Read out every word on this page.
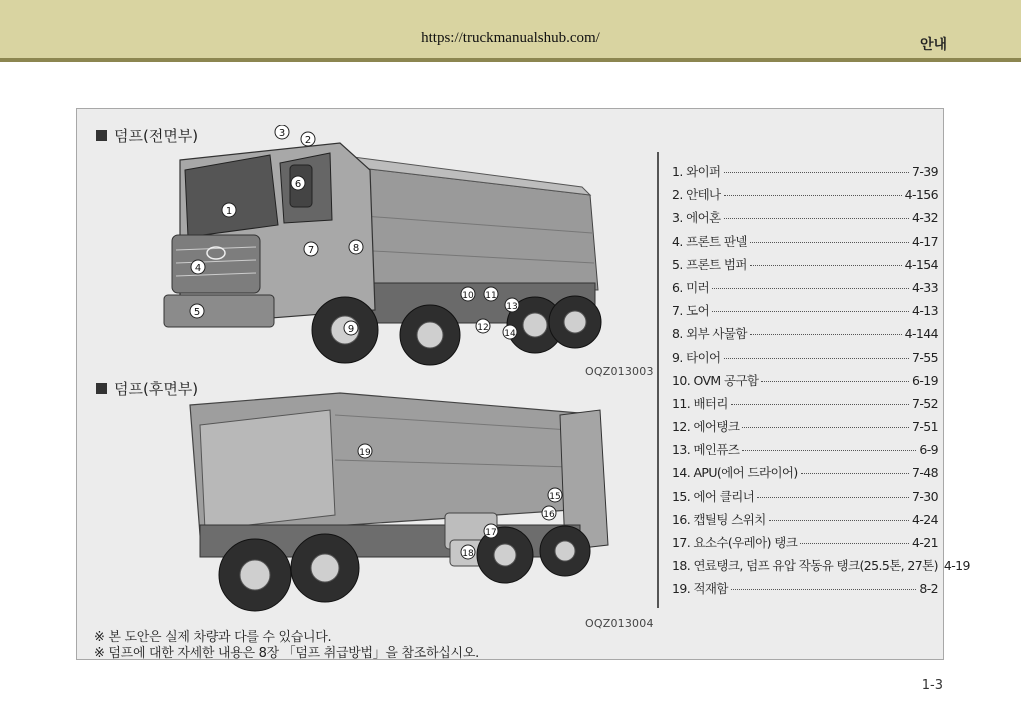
https://truckmanualshub.com/	안내
덤프(전면부)
1
2
3
4
5
6
7	8
9
10 11
12
13
14
OQZ013003
덤프(후면부)
15
16
17
18
19
OQZ013004
1. 와이퍼	7-39
2. 안테나	4-156
3. 에어혼	4-32
4. 프론트 판넬	4-17
5. 프론트 범퍼	4-154
6. 미러	4-33
7. 도어	4-13
8. 외부 사물함	4-144
9. 타이어	7-55
10. OVM 공구함	6-19
11. 배터리	7-52
12. 에어탱크	7-51
13. 메인퓨즈	6-9
14. APU(에어 드라이어)	7-48
15. 에어 클리너	7-30
16. 캡틸팅 스위치	4-24
17. 요소수(우레아) 탱크	4-21
18. 연료탱크, 덤프 유압 작동유 탱크(25.5톤, 27톤) 4-19
19. 적재함	8-2
※ 본 도안은 실제 차량과 다를 수 있습니다.
※ 덤프에 대한 자세한 내용은 8장 「덤프 취급방법」을 참조하십시오.
1-3
